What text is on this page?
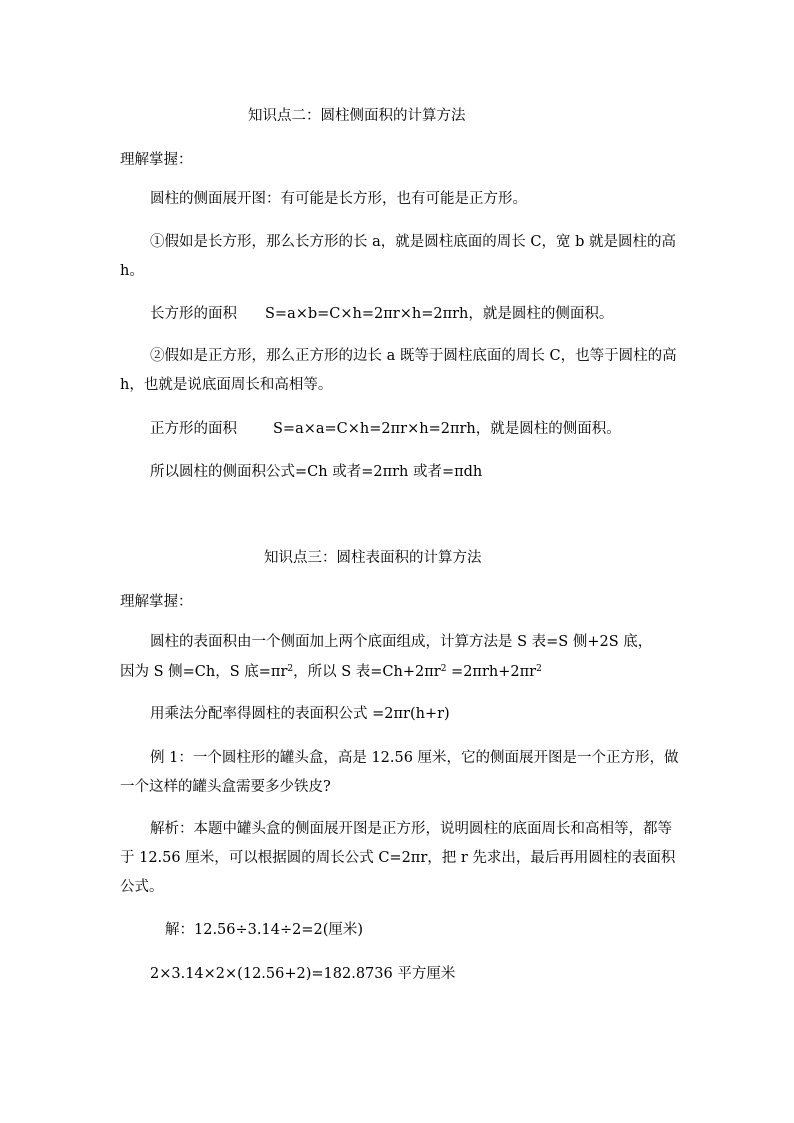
知识点二：圆柱侧面积的计算方法
理解掌握：
圆柱的侧面展开图：有可能是长方形，也有可能是正方形。
①假如是长方形，那么长方形的长 a，就是圆柱底面的周长 C，宽 b 就是圆柱的高 h。
长方形的面积 S=a×b=C×h=2πr×h=2πrh，就是圆柱的侧面积。
②假如是正方形，那么正方形的边长 a 既等于圆柱底面的周长 C，也等于圆柱的高 h，也就是说底面周长和高相等。
正方形的面积 S=a×a=C×h=2πr×h=2πrh，就是圆柱的侧面积。
所以圆柱的侧面积公式=Ch 或者=2πrh 或者=πdh
知识点三：圆柱表面积的计算方法
理解掌握：
圆柱的表面积由一个侧面加上两个底面组成，计算方法是 S 表=S 侧+2S 底，
因为 S 侧=Ch，S 底$=\pi r^2$，所以 S 表$=Ch+2\pi r^2 =2\pi rh+2\pi r^2$
用乘法分配率得圆柱的表面积公式 =2πr(h+r)
例 1：一个圆柱形的罐头盒，高是 12.56 厘米，它的侧面展开图是一个正方形，做一个这样的罐头盒需要多少铁皮?
解析：本题中罐头盒的侧面展开图是正方形，说明圆柱的底面周长和高相等，都等于 12.56 厘米，可以根据圆的周长公式 C=2πr，把 r 先求出，最后再用圆柱的表面积公式。
解：12.56÷3.14÷2=2(厘米)
2×3.14×2×(12.56+2)=182.8736 平方厘米
